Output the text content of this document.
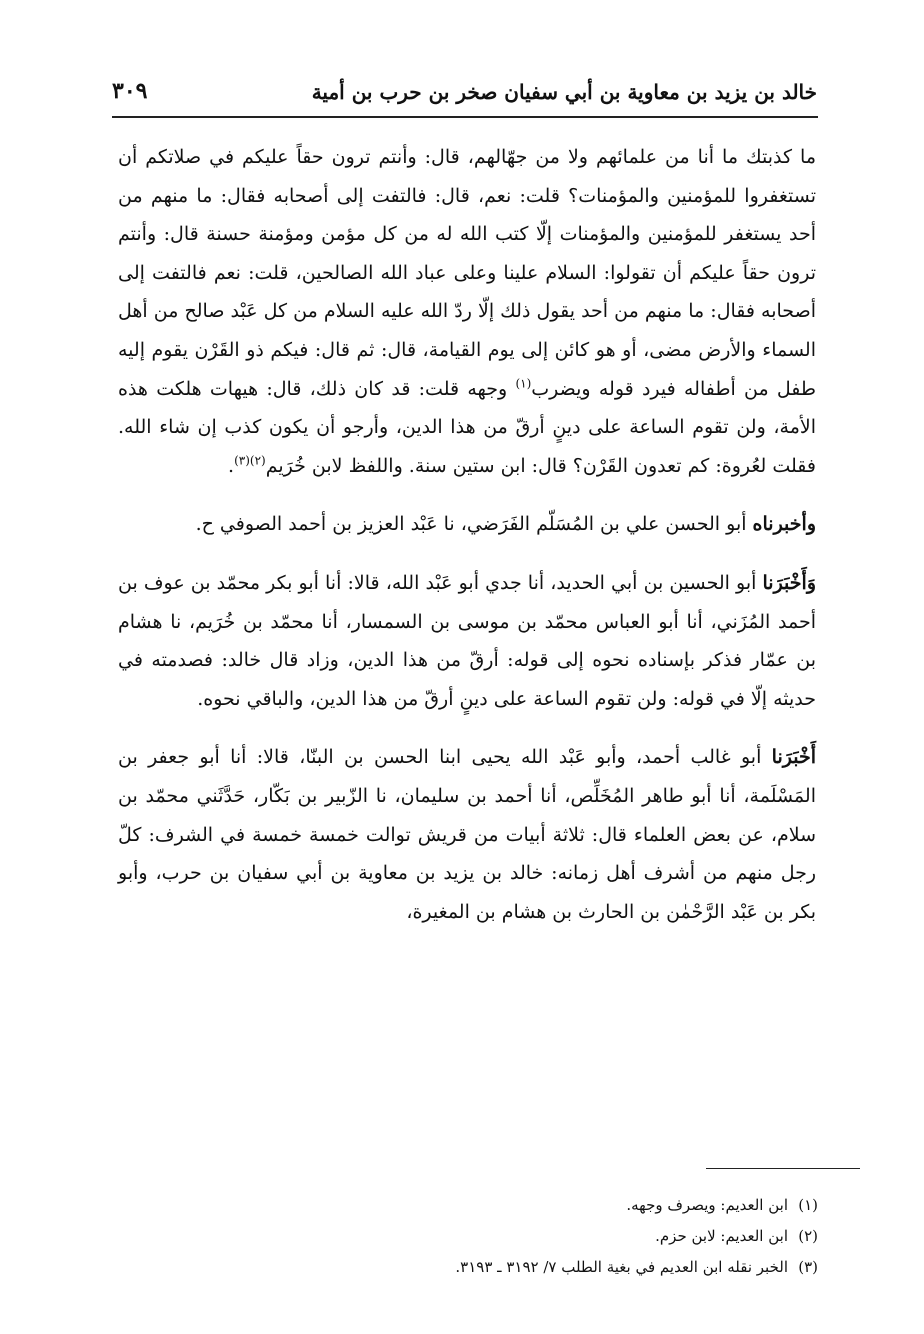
خالد بن يزيد بن معاوية بن أبي سفيان صخر بن حرب بن أمية
٣٠٩

ما كذبتك ما أنا من علمائهم ولا من جهّالهم، قال: وأنتم ترون حقاً عليكم في صلاتكم أن تستغفروا للمؤمنين والمؤمنات؟ قلت: نعم، قال: فالتفت إلى أصحابه فقال: ما منهم من أحد يستغفر للمؤمنين والمؤمنات إلّا كتب الله له من كل مؤمن ومؤمنة حسنة قال: وأنتم ترون حقاً عليكم أن تقولوا: السلام علينا وعلى عباد الله الصالحين، قلت: نعم فالتفت إلى أصحابه فقال: ما منهم من أحد يقول ذلك إلّا ردّ الله عليه السلام من كل عَبْد صالح من أهل السماء والأرض مضى، أو هو كائن إلى يوم القيامة، قال: ثم قال: فيكم ذو القَرْن يقوم إليه طفل من أطفاله فيرد قوله ويضرب$^{(١)}$ وجهه قلت: قد كان ذلك، قال: هيهات هلكت هذه الأمة، ولن تقوم الساعة على دينٍ أرقّ من هذا الدين، وأرجو أن يكون كذب إن شاء الله. فقلت لعُروة: كم تعدون القَرْن؟ قال: ابن ستين سنة. واللفظ لابن خُرَيم$^{(٢)(٣)}$.

وأخبرناه أبو الحسن علي بن المُسَلّم الفَرَضي، نا عَبْد العزيز بن أحمد الصوفي ح.

وَأَخْبَرَنا أبو الحسين بن أبي الحديد، أنا جدي أبو عَبْد الله، قالا: أنا أبو بكر محمّد بن عوف بن أحمد المُزَني، أنا أبو العباس محمّد بن موسى بن السمسار، أنا محمّد بن خُرَيم، نا هشام بن عمّار فذكر بإسناده نحوه إلى قوله: أرقّ من هذا الدين، وزاد قال خالد: فصدمته في حديثه إلّا في قوله: ولن تقوم الساعة على دينٍ أرقّ من هذا الدين، والباقي نحوه.

أَخْبَرَنا أبو غالب أحمد، وأبو عَبْد الله يحيى ابنا الحسن بن البنّا، قالا: أنا أبو جعفر بن المَسْلَمة، أنا أبو طاهر المُخَلِّص، أنا أحمد بن سليمان، نا الزّبير بن بَكّار، حَدَّثَني محمّد بن سلام، عن بعض العلماء قال: ثلاثة أبيات من قريش توالت خمسة خمسة في الشرف: كلّ رجل منهم من أشرف أهل زمانه: خالد بن يزيد بن معاوية بن أبي سفيان بن حرب، وأبو بكر بن عَبْد الرَّحْمٰن بن الحارث بن هشام بن المغيرة،

(١)ابن العديم: ويصرف وجهه.

(٢)ابن العديم: لابن حزم.

(٣)الخبر نقله ابن العديم في بغية الطلب ٧/ ٣١٩٢ ـ ٣١٩٣.
